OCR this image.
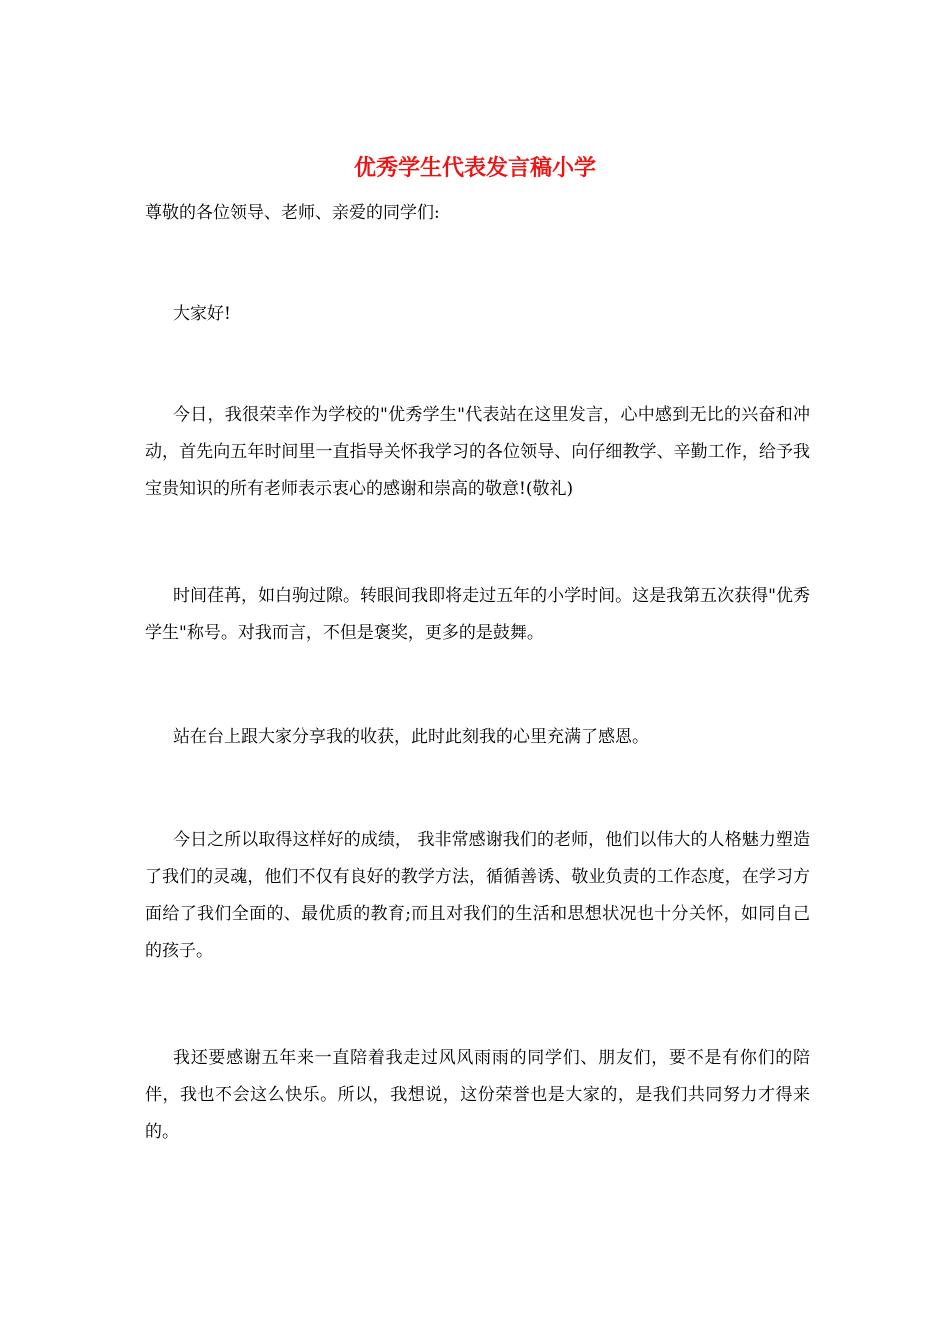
优秀学生代表发言稿小学
尊敬的各位领导、老师、亲爱的同学们:

大家好!

今日，我很荣幸作为学校的"优秀学生"代表站在这里发言，心中感到无比的兴奋和冲动，首先向五年时间里一直指导关怀我学习的各位领导、向仔细教学、辛勤工作，给予我宝贵知识的所有老师表示衷心的感谢和崇高的敬意!(敬礼)

时间荏苒，如白驹过隙。转眼间我即将走过五年的小学时间。这是我第五次获得"优秀学生"称号。对我而言，不但是褒奖，更多的是鼓舞。

站在台上跟大家分享我的收获，此时此刻我的心里充满了感恩。

今日之所以取得这样好的成绩， 我非常感谢我们的老师，他们以伟大的人格魅力塑造了我们的灵魂，他们不仅有良好的教学方法，循循善诱、敬业负责的工作态度，在学习方面给了我们全面的、最优质的教育;而且对我们的生活和思想状况也十分关怀，如同自己的孩子。

我还要感谢五年来一直陪着我走过风风雨雨的同学们、朋友们，要不是有你们的陪伴，我也不会这么快乐。所以，我想说，这份荣誉也是大家的，是我们共同努力才得来的。
